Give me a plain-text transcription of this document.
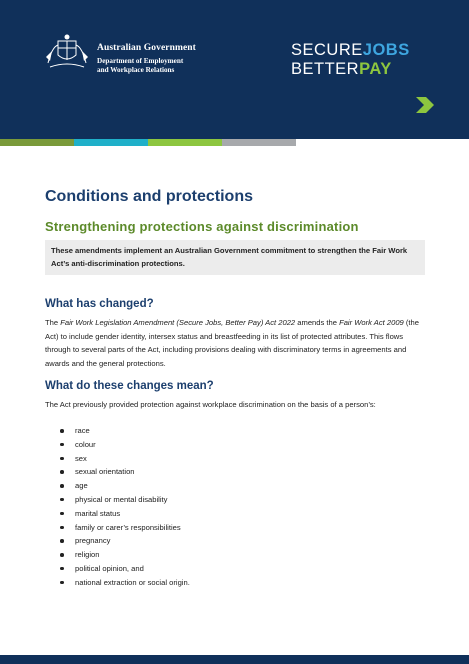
Australian Government
Department of Employment
and Workplace Relations
SECUREJOBS
BETTERPAY
Conditions and protections
Strengthening protections against discrimination
These amendments implement an Australian Government commitment to strengthen the Fair Work Act’s anti-discrimination protections.
What has changed?

The Fair Work Legislation Amendment (Secure Jobs, Better Pay) Act 2022 amends the Fair Work Act 2009 (the Act) to include gender identity, intersex status and breastfeeding in its list of protected attributes. This flows through to several parts of the Act, including provisions dealing with discriminatory terms in agreements and awards and the general protections.

What do these changes mean?

The Act previously provided protection against workplace discrimination on the basis of a person’s:

race
colour
sex
sexual orientation
age
physical or mental disability
marital status
family or carer’s responsibilities
pregnancy
religion
political opinion, and
national extraction or social origin.
